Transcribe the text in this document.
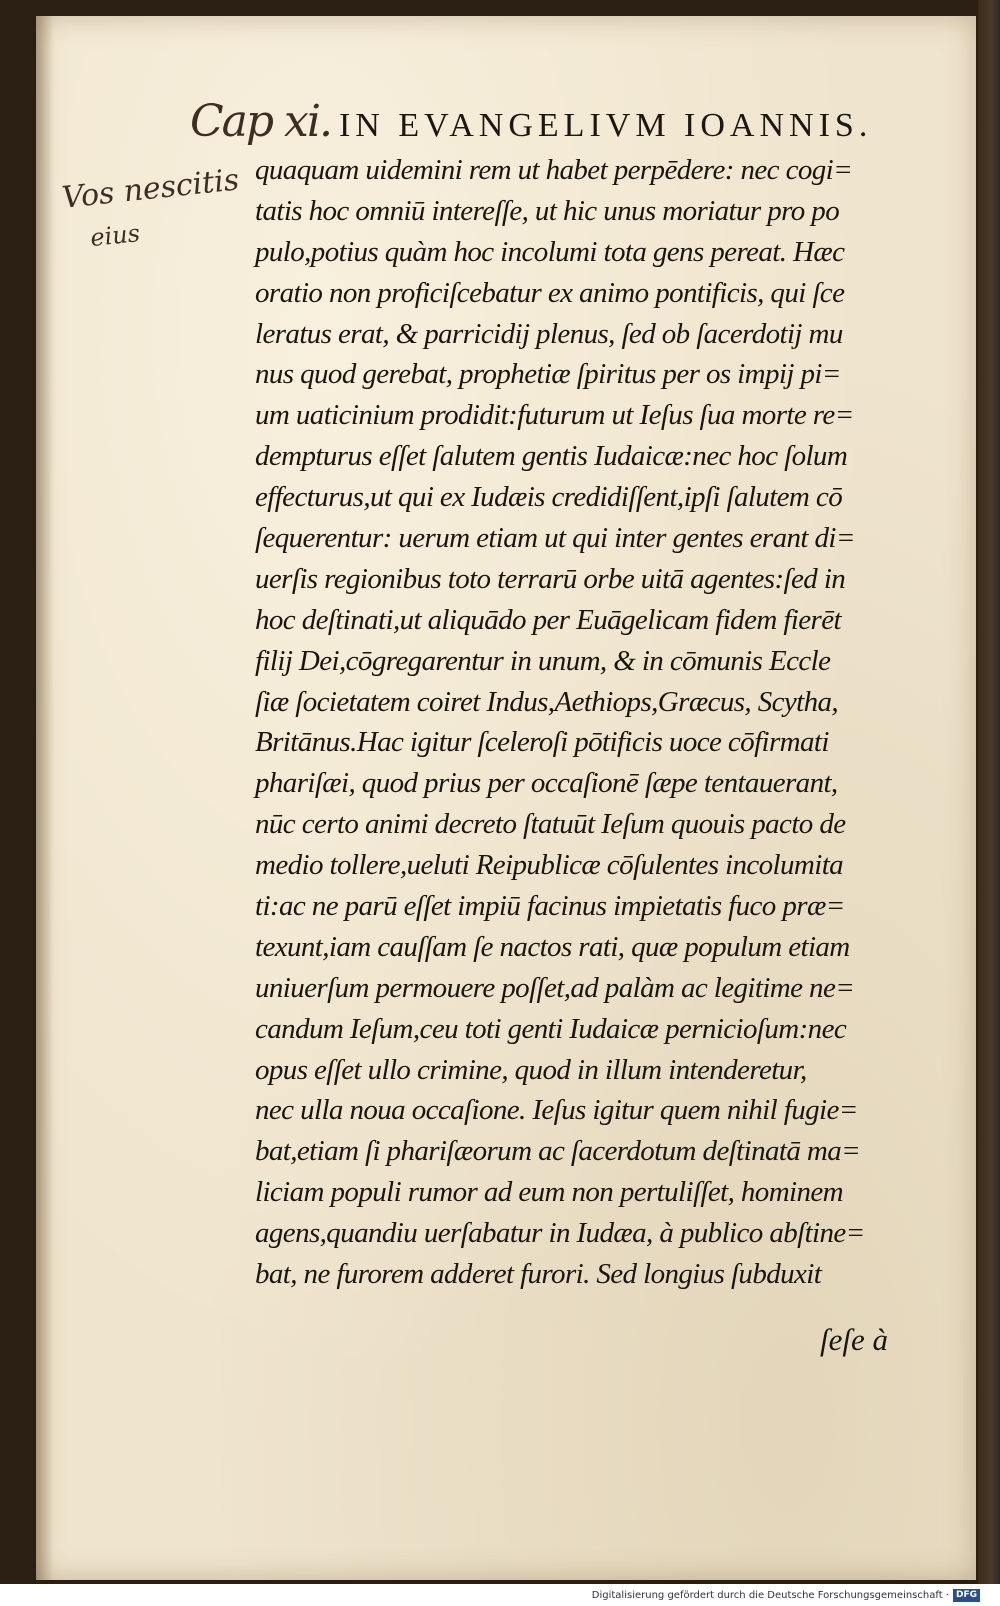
Cap xi. IN EVANGELIVM IOANNIS.
Vos nescitis
eius
quaquam uidemini rem ut habet perpēdere: nec cogi=
tatis hoc omniū intereſſe, ut hic unus moriatur pro po
pulo,potius quàm hoc incolumi tota gens pereat. Hæc
oratio non proficiſcebatur ex animo pontificis, qui ſce
leratus erat, & parricidij plenus, ſed ob ſacerdotij mu
nus quod gerebat, prophetiæ ſpiritus per os impij pi=
um uaticinium prodidit:futurum ut Ieſus ſua morte re=
dempturus eſſet ſalutem gentis Iudaicæ:nec hoc ſolum
effecturus,ut qui ex Iudæis credidiſſent,ipſi ſalutem cō
ſequerentur: uerum etiam ut qui inter gentes erant di=
uerſis regionibus toto terrarū orbe uitā agentes:ſed in
hoc deſtinati,ut aliquādo per Euāgelicam fidem fierēt
filij Dei,cōgregarentur in unum, & in cōmunis Eccle
ſiæ ſocietatem coiret Indus,Aethiops,Græcus, Scytha,
Britānus.Hac igitur ſceleroſi pōtificis uoce cōfirmati
phariſæi, quod prius per occaſionē ſæpe tentauerant,
nūc certo animi decreto ſtatuūt Ieſum quouis pacto de
medio tollere,ueluti Reipublicæ cōſulentes incolumita
ti:ac ne parū eſſet impiū facinus impietatis fuco præ=
texunt,iam cauſſam ſe nactos rati, quæ populum etiam
uniuerſum permouere poſſet,ad palàm ac legitime ne=
candum Ieſum,ceu toti genti Iudaicæ pernicioſum:nec
opus eſſet ullo crimine, quod in illum intenderetur,
nec ulla noua occaſione. Ieſus igitur quem nihil fugie=
bat,etiam ſi phariſæorum ac ſacerdotum deſtinatā ma=
liciam populi rumor ad eum non pertuliſſet, hominem
agens,quandiu uerſabatur in Iudæa, à publico abſtine=
bat, ne furorem adderet furori. Sed longius ſubduxit
ſeſe à
Digitalisierung gefördert durch die Deutsche Forschungsgemeinschaft · DFG
